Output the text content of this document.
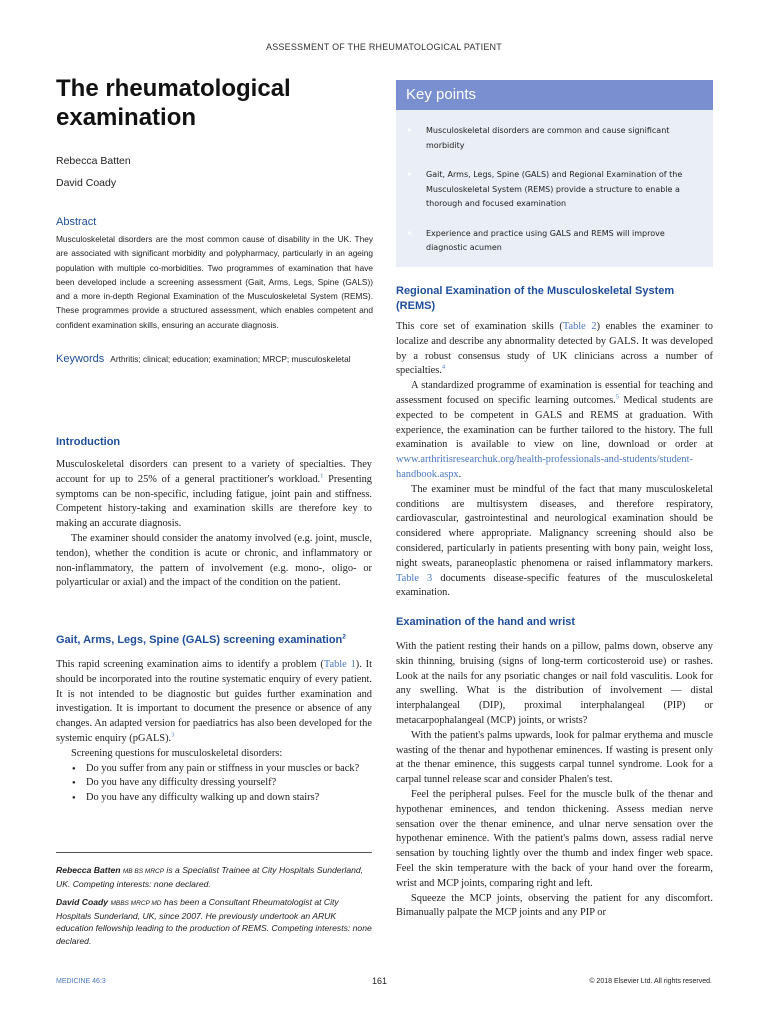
ASSESSMENT OF THE RHEUMATOLOGICAL PATIENT
The rheumatological examination
Rebecca Batten
David Coady
Abstract

Musculoskeletal disorders are the most common cause of disability in the UK. They are associated with significant morbidity and polypharmacy, particularly in an ageing population with multiple co-morbidities. Two programmes of examination that have been developed include a screening assessment (Gait, Arms, Legs, Spine (GALS)) and a more in-depth Regional Examination of the Musculoskeletal System (REMS). These programmes provide a structured assessment, which enables competent and confident examination skills, ensuring an accurate diagnosis.

Keywords Arthritis; clinical; education; examination; MRCP; musculoskeletal

Introduction

Musculoskeletal disorders can present to a variety of specialties. They account for up to 25% of a general practitioner's workload.$^1$ Presenting symptoms can be non-specific, including fatigue, joint pain and stiffness. Competent history-taking and examination skills are therefore key to making an accurate diagnosis.

The examiner should consider the anatomy involved (e.g. joint, muscle, tendon), whether the condition is acute or chronic, and inflammatory or non-inflammatory, the pattern of involvement (e.g. mono-, oligo- or polyarticular or axial) and the impact of the condition on the patient.

Gait, Arms, Legs, Spine (GALS) screening examination$^2$

This rapid screening examination aims to identify a problem (Table 1). It should be incorporated into the routine systematic enquiry of every patient. It is not intended to be diagnostic but guides further examination and investigation. It is important to document the presence or absence of any changes. An adapted version for paediatrics has also been developed for the systemic enquiry (pGALS).$^3$

Screening questions for musculoskeletal disorders:

● Do you suffer from any pain or stiffness in your muscles or back?
● Do you have any difficulty dressing yourself?
● Do you have any difficulty walking up and down stairs?

Rebecca Batten MB BS MRCP is a Specialist Trainee at City Hospitals Sunderland, UK. Competing interests: none declared.

David Coady MBBS MRCP MD has been a Consultant Rheumatologist at City Hospitals Sunderland, UK, since 2007. He previously undertook an ARUK education fellowship leading to the production of REMS. Competing interests: none declared.

Key points
• Musculoskeletal disorders are common and cause significant morbidity
• Gait, Arms, Legs, Spine (GALS) and Regional Examination of the Musculoskeletal System (REMS) provide a structure to enable a thorough and focused examination
• Experience and practice using GALS and REMS will improve diagnostic acumen
Regional Examination of the Musculoskeletal System (REMS)

This core set of examination skills (Table 2) enables the examiner to localize and describe any abnormality detected by GALS. It was developed by a robust consensus study of UK clinicians across a number of specialties.$^4$

A standardized programme of examination is essential for teaching and assessment focused on specific learning outcomes.$^5$ Medical students are expected to be competent in GALS and REMS at graduation. With experience, the examination can be further tailored to the history. The full examination is available to view on line, download or order at www.arthritisresearchuk.org/health-professionals-and-students/student-handbook.aspx.

The examiner must be mindful of the fact that many musculoskeletal conditions are multisystem diseases, and therefore respiratory, cardiovascular, gastrointestinal and neurological examination should be considered where appropriate. Malignancy screening should also be considered, particularly in patients presenting with bony pain, weight loss, night sweats, paraneoplastic phenomena or raised inflammatory markers. Table 3 documents disease-specific features of the musculoskeletal examination.

Examination of the hand and wrist

With the patient resting their hands on a pillow, palms down, observe any skin thinning, bruising (signs of long-term corticosteroid use) or rashes. Look at the nails for any psoriatic changes or nail fold vasculitis. Look for any swelling. What is the distribution of involvement — distal interphalangeal (DIP), proximal interphalangeal (PIP) or metacarpophalangeal (MCP) joints, or wrists?

With the patient's palms upwards, look for palmar erythema and muscle wasting of the thenar and hypothenar eminences. If wasting is present only at the thenar eminence, this suggests carpal tunnel syndrome. Look for a carpal tunnel release scar and consider Phalen's test.

Feel the peripheral pulses. Feel for the muscle bulk of the thenar and hypothenar eminences, and tendon thickening. Assess median nerve sensation over the thenar eminence, and ulnar nerve sensation over the hypothenar eminence. With the patient's palms down, assess radial nerve sensation by touching lightly over the thumb and index finger web space. Feel the skin temperature with the back of your hand over the forearm, wrist and MCP joints, comparing right and left.

Squeeze the MCP joints, observing the patient for any discomfort. Bimanually palpate the MCP joints and any PIP or

MEDICINE 46:3	161	© 2018 Elsevier Ltd. All rights reserved.
